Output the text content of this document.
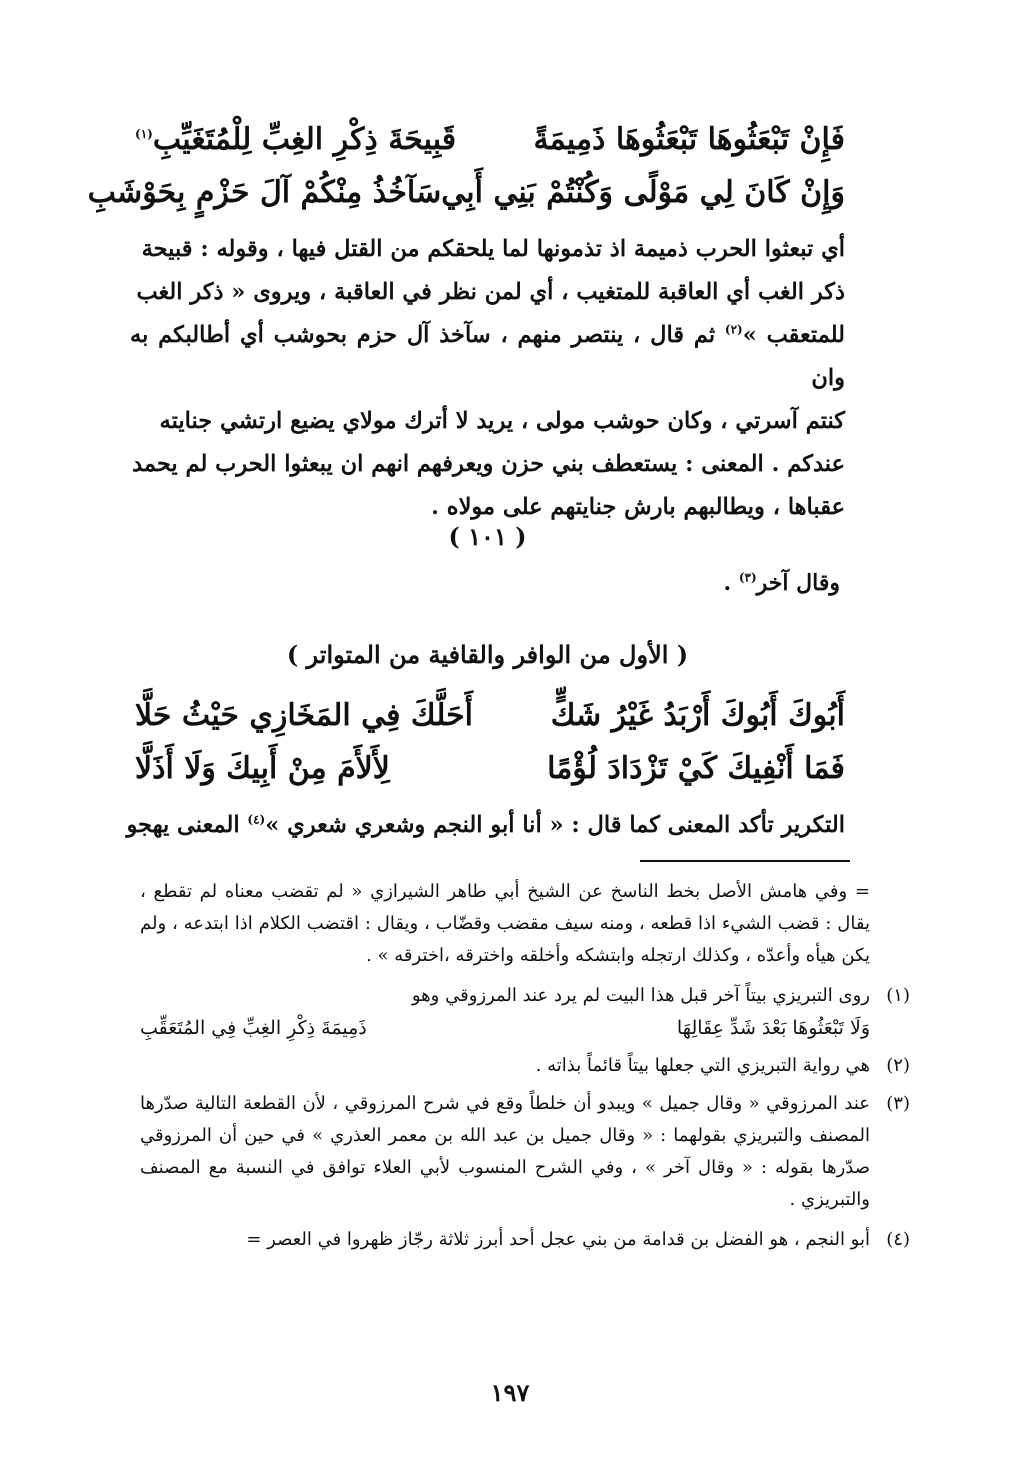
فَإِنْ تَبْعَثُوهَا تَبْعَثُوهَا ذَمِيمَةً
قَبِيحَةَ ذِكْرِ الغِبِّ لِلْمُتَغَيِّبِ$^{(١)}$
وَإِنْ كَانَ لِي مَوْلًى وَكُنْتُمْ بَنِي أَبِي
سَآخُذُ مِنْكُمْ آلَ حَزْمٍ بِحَوْشَبِ

أي تبعثوا الحرب ذميمة اذ تذمونها لما يلحقكم من القتل فيها ، وقوله : قبيحة

ذكر الغب أي العاقبة للمتغيب ، أي لمن نظر في العاقبة ، ويروى « ذكر الغب

للمتعقب »$^{(٢)}$ ثم قال ، ينتصر منهم ، سآخذ آل حزم بحوشب أي أطالبكم به وان

كنتم آسرتي ، وكان حوشب مولى ، يريد لا أترك مولاي يضيع ارتشي جنايته

عندكم . المعنى : يستعطف بني حزن ويعرفهم انهم ان يبعثوا الحرب لم يحمد

عقباها ، ويطالبهم بارش جنايتهم على مولاه .

( ١٠١ )
وقال آخر$^{(٣)}$ .
( الأول من الوافر والقافية من المتواتر )
أَبُوكَ أَبُوكَ أَرْبَدُ غَيْرُ شَكٍّ
أَحَلَّكَ فِي المَخَازِي حَيْثُ حَلَّا
فَمَا أَنْفِيكَ كَيْ تَزْدَادَ لُؤْمًا
لِأَلأَمَ مِنْ أَبِيكَ وَلَا أَذَلَّا
التكرير تأكد المعنى كما قال : « أنا أبو النجم وشعري شعري »$^{(٤)}$ المعنى يهجو
= وفي هامش الأصل بخط الناسخ عن الشيخ أبي طاهر الشيرازي « لم تقضب معناه لم تقطع ، يقال : قضب الشيء اذا قطعه ، ومنه سيف مقضب وقضّاب ، ويقال : اقتضب الكلام اذا ابتدعه ، ولم يكن هيأه وأعدّه ، وكذلك ارتجله وابتشكه وأخلقه واخترقه ،اخترقه » .
(١)
روى التبريزي بيتاً آخر قبل هذا البيت لم يرد عند المرزوقي وهو
وَلَا تَبْعَثُوهَا بَعْدَ شَدِّ عِقَالِهَا
ذَمِيمَةَ ذِكْرِ الغِبِّ فِي المُتَعَقِّبِ
(٢)
هي رواية التبريزي التي جعلها بيتاً قائماً بذاته .
(٣)
عند المرزوقي « وقال جميل » ويبدو أن خلطاً وقع في شرح المرزوقي ، لأن القطعة التالية صدّرها المصنف والتبريزي بقولهما : « وقال جميل بن عبد الله بن معمر العذري » في حين أن المرزوقي صدّرها بقوله : « وقال آخر » ، وفي الشرح المنسوب لأبي العلاء توافق في النسبة مع المصنف والتبريزي .
(٤)
أبو النجم ، هو الفضل بن قدامة من بني عجل أحد أبرز ثلاثة رجّاز ظهروا في العصر =
١٩٧
